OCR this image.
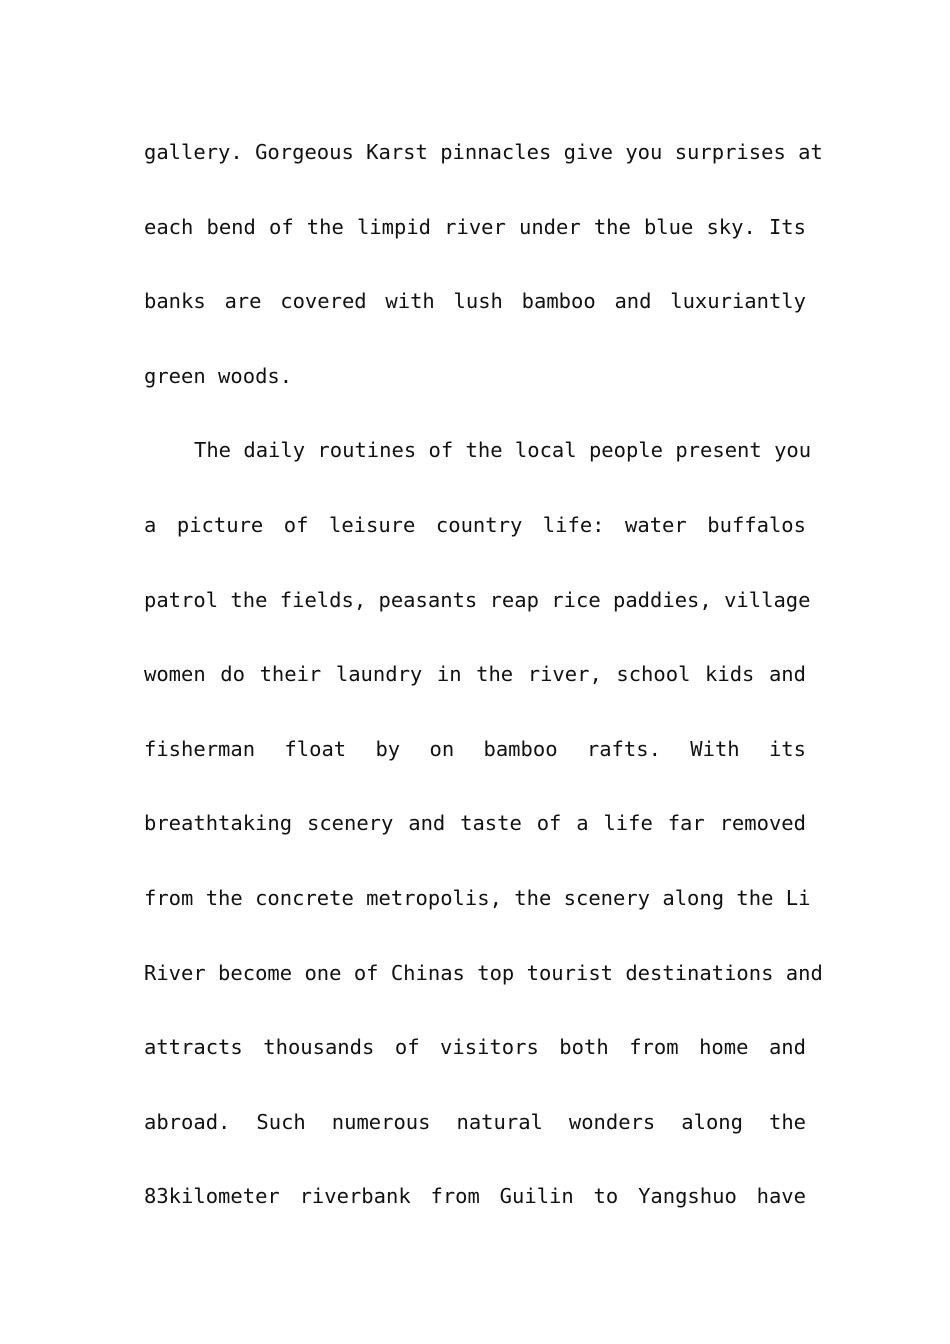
gallery. Gorgeous Karst pinnacles give you surprises at
each bend of the limpid river under the blue sky. Its
banks are covered with lush bamboo and luxuriantly
green woods.
The daily routines of the local people present you
a picture of leisure country life: water buffalos
patrol the fields, peasants reap rice paddies, village
women do their laundry in the river, school kids and
fisherman float by on bamboo rafts. With its
breathtaking scenery and taste of a life far removed
from the concrete metropolis, the scenery along the Li
River become one of Chinas top tourist destinations and
attracts thousands of visitors both from home and
abroad. Such numerous natural wonders along the
83kilometer riverbank from Guilin to Yangshuo have
